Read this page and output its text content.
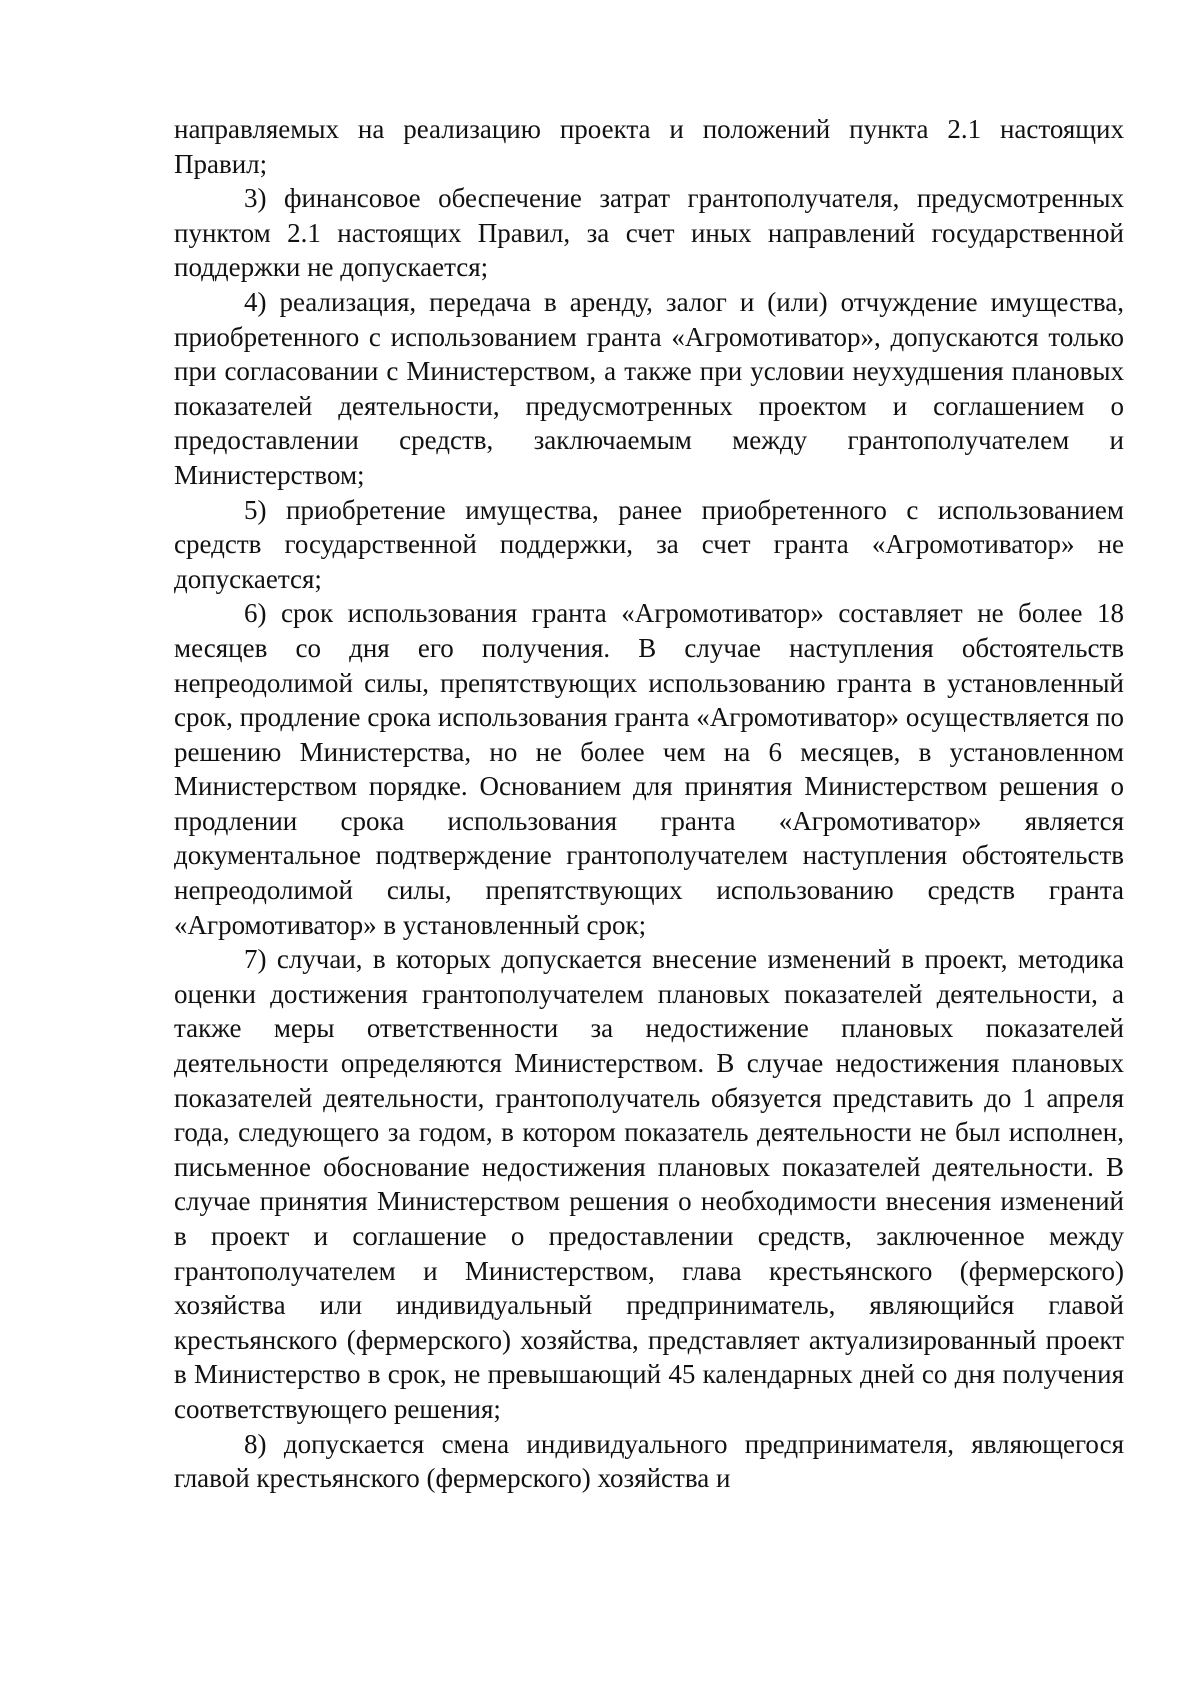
направляемых на реализацию проекта и положений пункта 2.1 настоящих Правил;

3) финансовое обеспечение затрат грантополучателя, предусмотренных пунктом 2.1 настоящих Правил, за счет иных направлений государственной поддержки не допускается;

4) реализация, передача в аренду, залог и (или) отчуждение имущества, приобретенного с использованием гранта «Агромотиватор», допускаются только при согласовании с Министерством, а также при условии неухудшения плановых показателей деятельности, предусмотренных проектом и соглашением о предоставлении средств, заключаемым между грантополучателем и Министерством;

5) приобретение имущества, ранее приобретенного с использованием средств государственной поддержки, за счет гранта «Агромотиватор» не допускается;

6) срок использования гранта «Агромотиватор» составляет не более 18 месяцев со дня его получения. В случае наступления обстоятельств непреодолимой силы, препятствующих использованию гранта в установленный срок, продление срока использования гранта «Агромотиватор» осуществляется по решению Министерства, но не более чем на 6 месяцев, в установленном Министерством порядке. Основанием для принятия Министерством решения о продлении срока использования гранта «Агромотиватор» является документальное подтверждение грантополучателем наступления обстоятельств непреодолимой силы, препятствующих использованию средств гранта «Агромотиватор» в установленный срок;

7) случаи, в которых допускается внесение изменений в проект, методика оценки достижения грантополучателем плановых показателей деятельности, а также меры ответственности за недостижение плановых показателей деятельности определяются Министерством. В случае недостижения плановых показателей деятельности, грантополучатель обязуется представить до 1 апреля года, следующего за годом, в котором показатель деятельности не был исполнен, письменное обоснование недостижения плановых показателей деятельности. В случае принятия Министерством решения о необходимости внесения изменений в проект и соглашение о предоставлении средств, заключенное между грантополучателем и Министерством, глава крестьянского (фермерского) хозяйства или индивидуальный предприниматель, являющийся главой крестьянского (фермерского) хозяйства, представляет актуализированный проект в Министерство в срок, не превышающий 45 календарных дней со дня получения соответствующего решения;

8) допускается смена индивидуального предпринимателя, являющегося главой крестьянского (фермерского) хозяйства и
